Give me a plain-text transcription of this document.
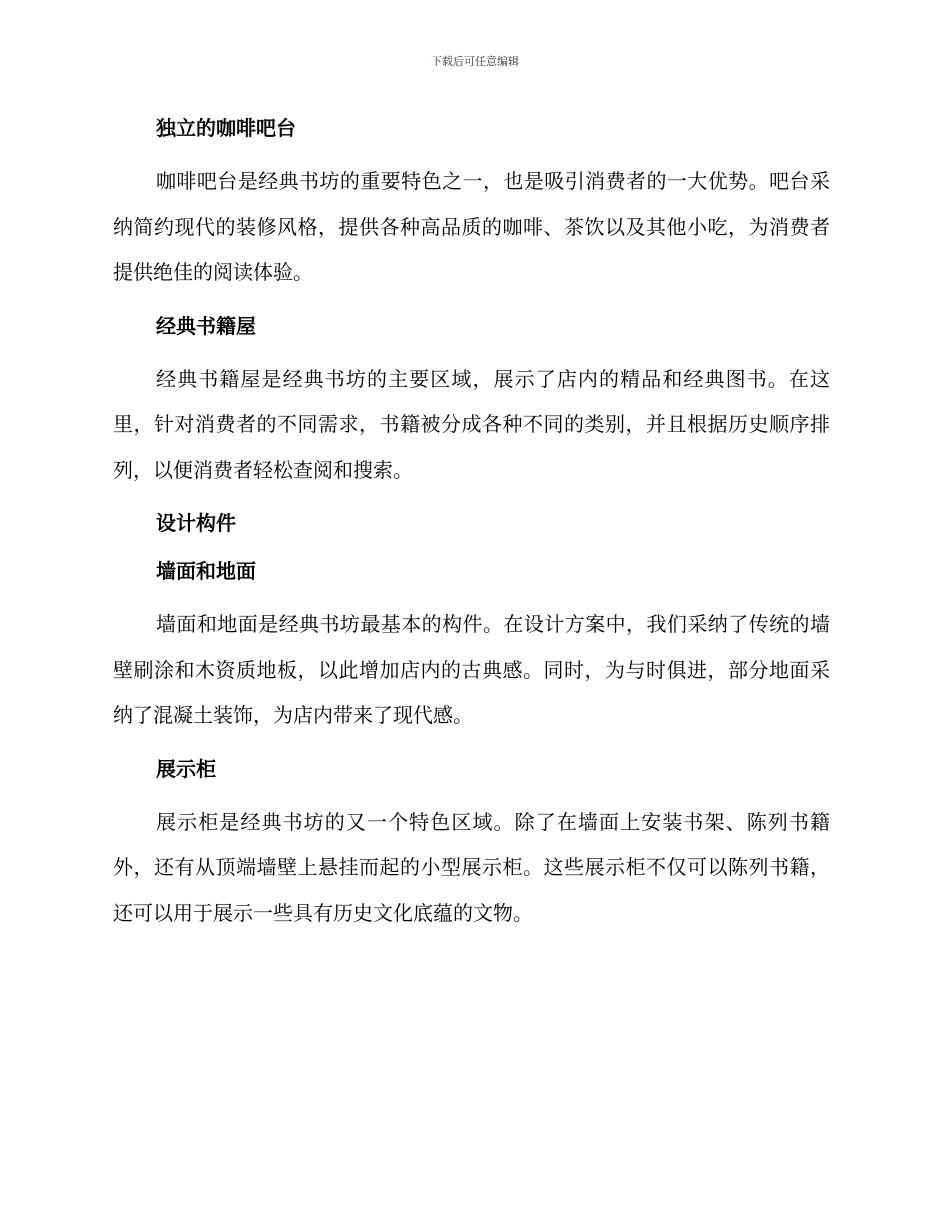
下载后可任意编辑
独立的咖啡吧台

咖啡吧台是经典书坊的重要特色之一，也是吸引消费者的一大优势。吧台采纳简约现代的装修风格，提供各种高品质的咖啡、茶饮以及其他小吃，为消费者提供绝佳的阅读体验。

经典书籍屋

经典书籍屋是经典书坊的主要区域，展示了店内的精品和经典图书。在这里，针对消费者的不同需求，书籍被分成各种不同的类别，并且根据历史顺序排列，以便消费者轻松查阅和搜索。

设计构件
墙面和地面

墙面和地面是经典书坊最基本的构件。在设计方案中，我们采纳了传统的墙壁刷涂和木资质地板，以此增加店内的古典感。同时，为与时俱进，部分地面采纳了混凝土装饰，为店内带来了现代感。

展示柜

展示柜是经典书坊的又一个特色区域。除了在墙面上安装书架、陈列书籍外，还有从顶端墙壁上悬挂而起的小型展示柜。这些展示柜不仅可以陈列书籍，还可以用于展示一些具有历史文化底蕴的文物。
